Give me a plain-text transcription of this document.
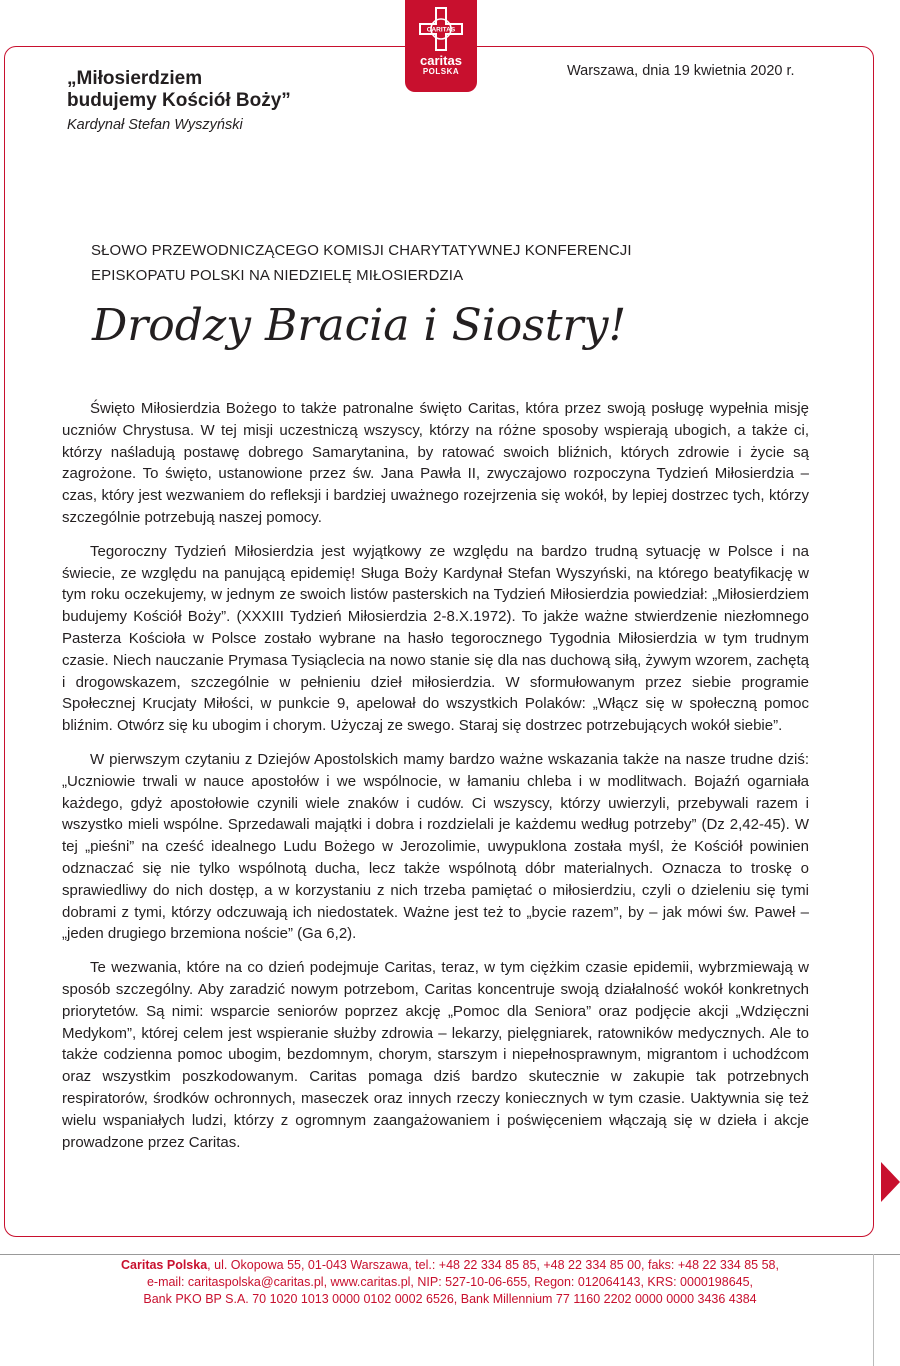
CARITAS
caritas
POLSKA
„Miłosierdziem
budujemy Kościół Boży”
Kardynał Stefan Wyszyński
Warszawa, dnia 19 kwietnia 2020 r.
SŁOWO PRZEWODNICZĄCEGO KOMISJI CHARYTATYWNEJ KONFERENCJI
EPISKOPATU POLSKI NA NIEDZIELĘ MIŁOSIERDZIA
Drodzy Bracia i Siostry!

Święto Miłosierdzia Bożego to także patronalne święto Caritas, która przez swoją posługę wypełnia misję uczniów Chrystusa. W tej misji uczestniczą wszyscy, którzy na różne sposoby wspierają ubogich, a także ci, którzy naśladują postawę dobrego Samarytanina, by ratować swoich bliźnich, których zdrowie i życie są zagrożone. To święto, ustanowione przez św. Jana Pawła II, zwyczajowo rozpoczyna Tydzień Miłosierdzia – czas, który jest wezwaniem do refleksji i bardziej uważnego rozejrzenia się wokół, by lepiej dostrzec tych, którzy szczególnie potrzebują naszej pomocy.

Tegoroczny Tydzień Miłosierdzia jest wyjątkowy ze względu na bardzo trudną sytuację w Polsce i na świecie, ze względu na panującą epidemię! Sługa Boży Kardynał Stefan Wyszyński, na którego beatyfikację w tym roku oczekujemy, w jednym ze swoich listów pasterskich na Tydzień Miłosierdzia powiedział: „Miłosierdziem budujemy Kościół Boży”. (XXXIII Tydzień Miłosierdzia 2-8.X.1972). To jakże ważne stwierdzenie niezłomnego Pasterza Kościoła w Polsce zostało wybrane na hasło tegorocznego Tygodnia Miłosierdzia w tym trudnym czasie. Niech nauczanie Prymasa Tysiąclecia na nowo stanie się dla nas duchową siłą, żywym wzorem, zachętą i drogowskazem, szczególnie w pełnieniu dzieł miłosierdzia. W sformułowanym przez siebie programie Społecznej Krucjaty Miłości, w punkcie 9, apelował do wszystkich Polaków: „Włącz się w społeczną pomoc bliźnim. Otwórz się ku ubogim i chorym. Użyczaj ze swego. Staraj się dostrzec potrzebujących wokół siebie”.

W pierwszym czytaniu z Dziejów Apostolskich mamy bardzo ważne wskazania także na nasze trudne dziś: „Uczniowie trwali w nauce apostołów i we wspólnocie, w łamaniu chleba i w modlitwach. Bojaźń ogarniała każdego, gdyż apostołowie czynili wiele znaków i cudów. Ci wszyscy, którzy uwierzyli, przebywali razem i wszystko mieli wspólne. Sprzedawali majątki i dobra i rozdzielali je każdemu według potrzeby” (Dz 2,42-45). W tej „pieśni” na cześć idealnego Ludu Bożego w Jerozolimie, uwypuklona została myśl, że Kościół powinien odznaczać się nie tylko wspólnotą ducha, lecz także wspólnotą dóbr materialnych. Oznacza to troskę o sprawiedliwy do nich dostęp, a w korzystaniu z nich trzeba pamiętać o miłosierdziu, czyli o dzieleniu się tymi dobrami z tymi, którzy odczuwają ich niedostatek. Ważne jest też to „bycie razem”, by – jak mówi św. Paweł – „jeden drugiego brzemiona noście” (Ga 6,2).

Te wezwania, które na co dzień podejmuje Caritas, teraz, w tym ciężkim czasie epidemii, wybrzmiewają w sposób szczególny. Aby zaradzić nowym potrzebom, Caritas koncentruje swoją działalność wokół konkretnych priorytetów. Są nimi: wsparcie seniorów poprzez akcję „Pomoc dla Seniora” oraz podjęcie akcji „Wdzięczni Medykom”, której celem jest wspieranie służby zdrowia – lekarzy, pielęgniarek, ratowników medycznych. Ale to także codzienna pomoc ubogim, bezdomnym, chorym, starszym i niepełnosprawnym, migrantom i uchodźcom oraz wszystkim poszkodowanym. Caritas pomaga dziś bardzo skutecznie w zakupie tak potrzebnych respiratorów, środków ochronnych, maseczek oraz innych rzeczy koniecznych w tym czasie. Uaktywnia się też wielu wspaniałych ludzi, którzy z ogromnym zaangażowaniem i poświęceniem włączają się w dzieła i akcje prowadzone przez Caritas.

Caritas Polska, ul. Okopowa 55, 01-043 Warszawa, tel.: +48 22 334 85 85, +48 22 334 85 00, faks: +48 22 334 85 58,
e-mail: caritaspolska@caritas.pl, www.caritas.pl, NIP: 527-10-06-655, Regon: 012064143, KRS: 0000198645,
Bank PKO BP S.A. 70 1020 1013 0000 0102 0002 6526, Bank Millennium 77 1160 2202 0000 0000 3436 4384
